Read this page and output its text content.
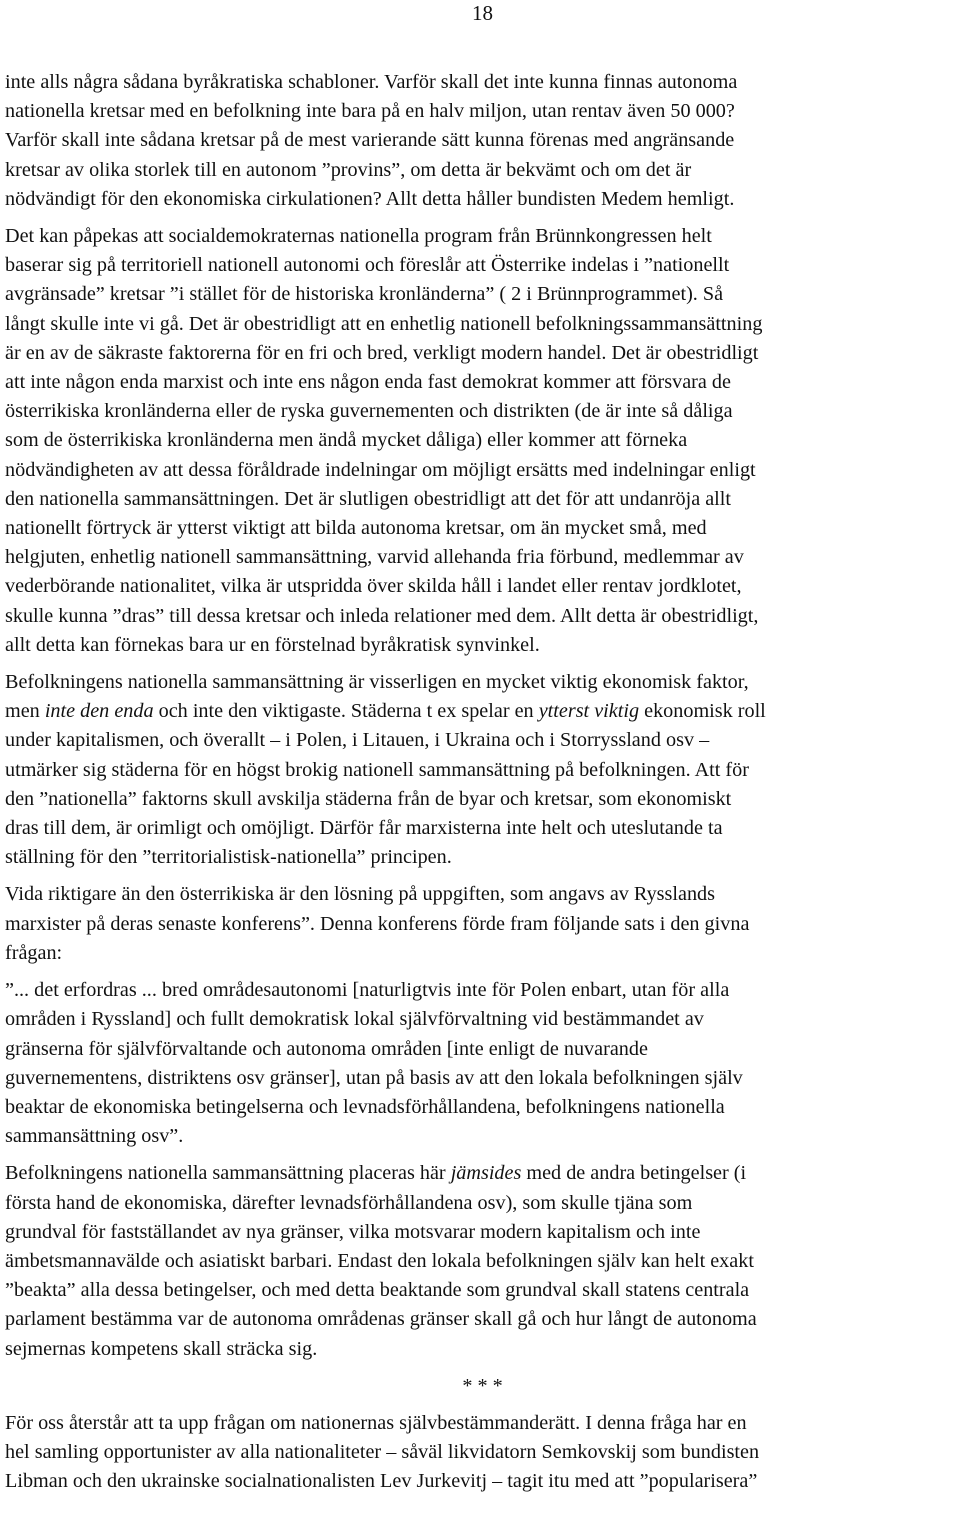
18

inte alls några sådana byråkratiska schabloner. Varför skall det inte kunna finnas autonoma
nationella kretsar med en befolkning inte bara på en halv miljon, utan rentav även 50 000?
Varför skall inte sådana kretsar på de mest varierande sätt kunna förenas med angränsande
kretsar av olika storlek till en autonom ”provins”, om detta är bekvämt och om det är
nödvändigt för den ekonomiska cirkulationen? Allt detta håller bundisten Medem hemligt.

Det kan påpekas att socialdemokraternas nationella program från Brünnkongressen helt
baserar sig på territoriell nationell autonomi och föreslår att Österrike indelas i ”nationellt
avgränsade” kretsar ”i stället för de historiska kronländerna” ( 2 i Brünnprogrammet). Så
långt skulle inte vi gå. Det är obestridligt att en enhetlig nationell befolkningssammansättning
är en av de säkraste faktorerna för en fri och bred, verkligt modern handel. Det är obestridligt
att inte någon enda marxist och inte ens någon enda fast demokrat kommer att försvara de
österrikiska kronländerna eller de ryska guvernementen och distrikten (de är inte så dåliga
som de österrikiska kronländerna men ändå mycket dåliga) eller kommer att förneka
nödvändigheten av att dessa föråldrade indelningar om möjligt ersätts med indelningar enligt
den nationella sammansättningen. Det är slutligen obestridligt att det för att undanröja allt
nationellt förtryck är ytterst viktigt att bilda autonoma kretsar, om än mycket små, med
helgjuten, enhetlig nationell sammansättning, varvid allehanda fria förbund, medlemmar av
vederbörande nationalitet, vilka är utspridda över skilda håll i landet eller rentav jordklotet,
skulle kunna ”dras” till dessa kretsar och inleda relationer med dem. Allt detta är obestridligt,
allt detta kan förnekas bara ur en förstelnad byråkratisk synvinkel.

Befolkningens nationella sammansättning är visserligen en mycket viktig ekonomisk faktor,
men inte den enda och inte den viktigaste. Städerna t ex spelar en ytterst viktig ekonomisk roll
under kapitalismen, och överallt – i Polen, i Litauen, i Ukraina och i Storryssland osv –
utmärker sig städerna för en högst brokig nationell sammansättning på befolkningen. Att för
den ”nationella” faktorns skull avskilja städerna från de byar och kretsar, som ekonomiskt
dras till dem, är orimligt och omöjligt. Därför får marxisterna inte helt och uteslutande ta
ställning för den ”territorialistisk-nationella” principen.

Vida riktigare än den österrikiska är den lösning på uppgiften, som angavs av Rysslands
marxister på deras senaste konferens”. Denna konferens förde fram följande sats i den givna
frågan:

”... det erfordras ... bred områdesautonomi [naturligtvis inte för Polen enbart, utan för alla
områden i Ryssland] och fullt demokratisk lokal självförvaltning vid bestämmandet av
gränserna för självförvaltande och autonoma områden [inte enligt de nuvarande
guvernementens, distriktens osv gränser], utan på basis av att den lokala befolkningen själv
beaktar de ekonomiska betingelserna och levnadsförhållandena, befolkningens nationella
sammansättning osv”.

Befolkningens nationella sammansättning placeras här jämsides med de andra betingelser (i
första hand de ekonomiska, därefter levnadsförhållandena osv), som skulle tjäna som
grundval för fastställandet av nya gränser, vilka motsvarar modern kapitalism och inte
ämbetsmannavälde och asiatiskt barbari. Endast den lokala befolkningen själv kan helt exakt
”beakta” alla dessa betingelser, och med detta beaktande som grundval skall statens centrala
parlament bestämma var de autonoma områdenas gränser skall gå och hur långt de autonoma
sejmernas kompetens skall sträcka sig.

* * *

För oss återstår att ta upp frågan om nationernas självbestämmanderätt. I denna fråga har en
hel samling opportunister av alla nationaliteter – såväl likvidatorn Semkovskij som bundisten
Libman och den ukrainske socialnationalisten Lev Jurkevitj – tagit itu med att ”popularisera”
